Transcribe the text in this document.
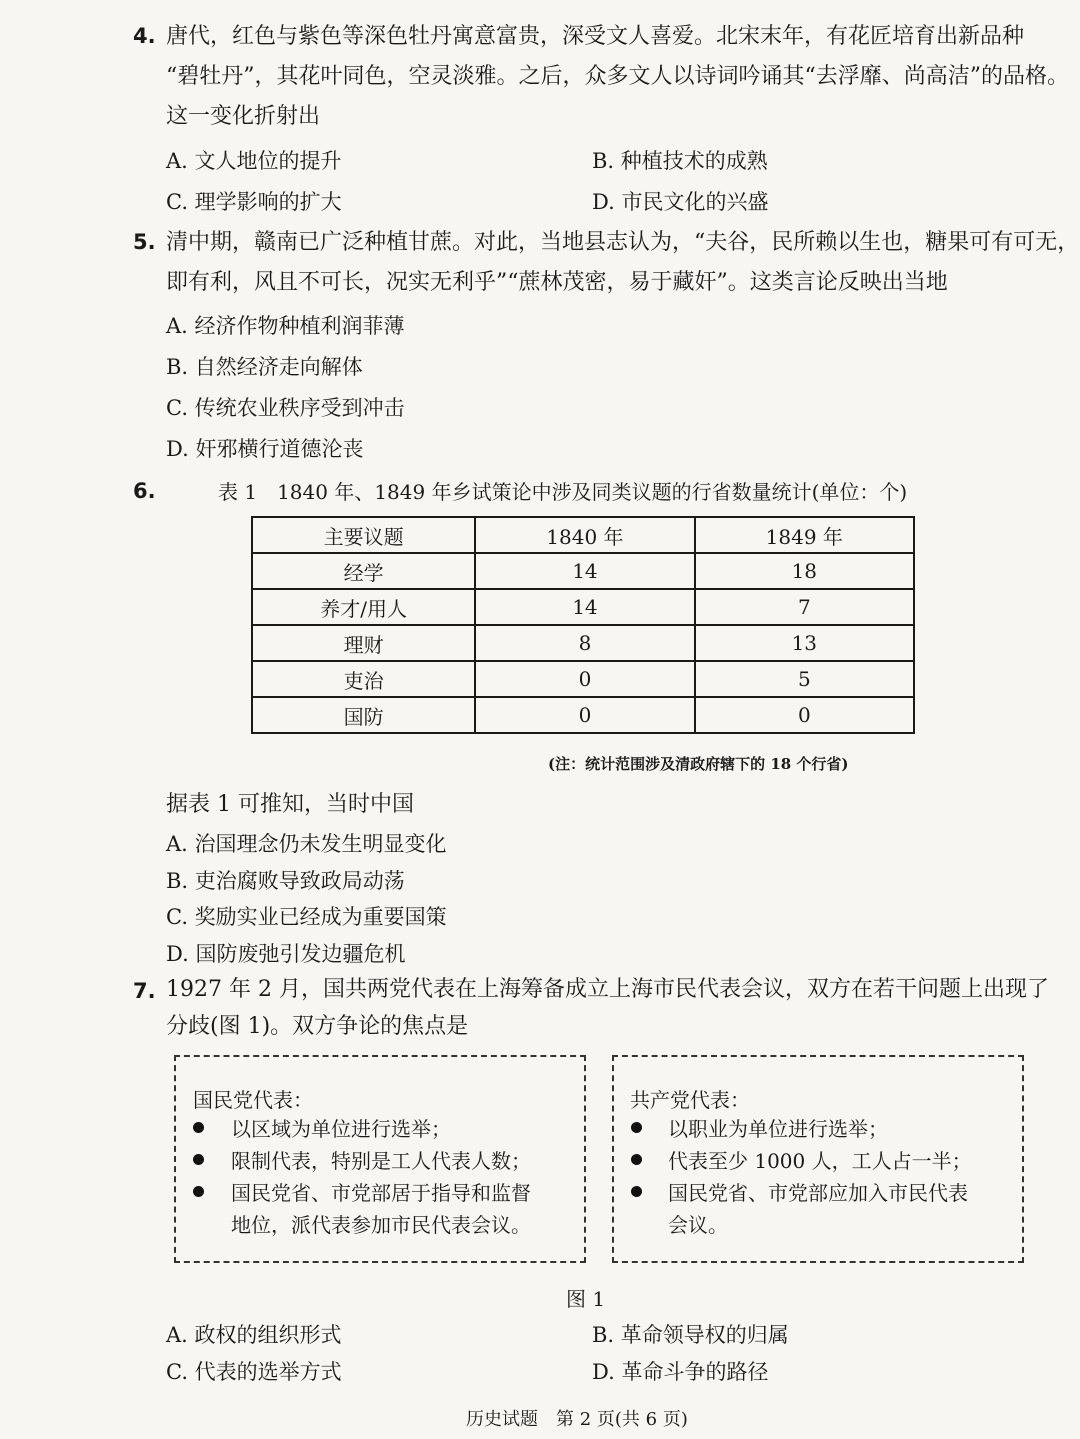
4. 唐代，红色与紫色等深色牡丹寓意富贵，深受文人喜爱。北宋末年，有花匠培育出新品种
“碧牡丹”，其花叶同色，空灵淡雅。之后，众多文人以诗词吟诵其“去浮靡、尚高洁”的品格。
这一变化折射出
A. 文人地位的提升	B. 种植技术的成熟
C. 理学影响的扩大	D. 市民文化的兴盛
5. 清中期，赣南已广泛种植甘蔗。对此，当地县志认为，“夫谷，民所赖以生也，糖果可有可无，
即有利，风且不可长，况实无利乎”“蔗林茂密，易于藏奸”。这类言论反映出当地
A. 经济作物种植利润菲薄
B. 自然经济走向解体
C. 传统农业秩序受到冲击
D. 奸邪横行道德沦丧
6.	表 1　1840 年、1849 年乡试策论中涉及同类议题的行省数量统计(单位：个)
主要议题	1840 年	1849 年
经学	14	18
养才/用人	14	7
理财	8	13
吏治	0	5
国防	0	0
(注：统计范围涉及清政府辖下的 18 个行省)
据表 1 可推知，当时中国
A. 治国理念仍未发生明显变化
B. 吏治腐败导致政局动荡
C. 奖励实业已经成为重要国策
D. 国防废弛引发边疆危机
7. 1927 年 2 月，国共两党代表在上海筹备成立上海市民代表会议，双方在若干问题上出现了
分歧(图 1)。双方争论的焦点是
国民党代表：
以区域为单位进行选举；
限制代表，特别是工人代表人数；
国民党省、市党部居于指导和监督
地位，派代表参加市民代表会议。
共产党代表：
以职业为单位进行选举；
代表至少 1000 人，工人占一半；
国民党省、市党部应加入市民代表
会议。
图 1
A. 政权的组织形式	B. 革命领导权的归属
C. 代表的选举方式	D. 革命斗争的路径
历史试题　第 2 页(共 6 页)
